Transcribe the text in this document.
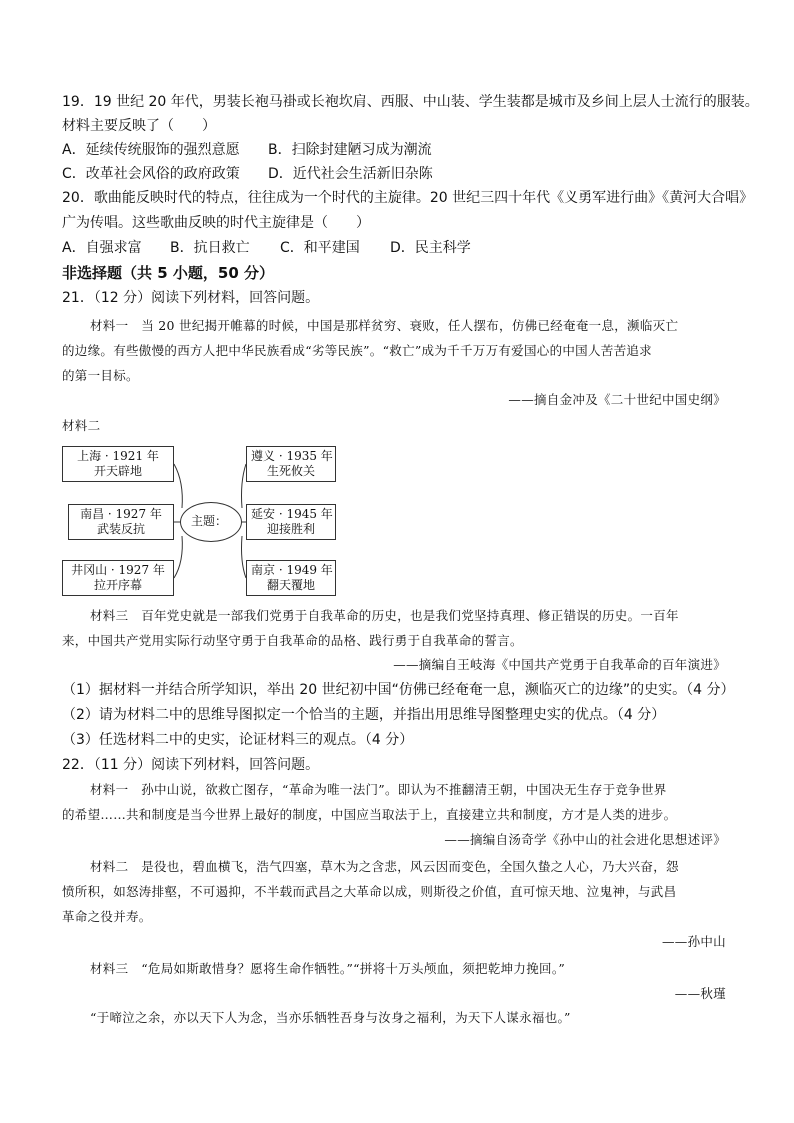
19．19 世纪 20 年代，男装长袍马褂或长袍坎肩、西服、中山装、学生装都是城市及乡间上层人士流行的服装。
材料主要反映了（　　）
A．延续传统服饰的强烈意愿 B．扫除封建陋习成为潮流
C．改革社会风俗的政府政策 D．近代社会生活新旧杂陈
20．歌曲能反映时代的特点，往往成为一个时代的主旋律。20 世纪三四十年代《义勇军进行曲》《黄河大合唱》
广为传唱。这些歌曲反映的时代主旋律是（　　）
A．自强求富 B．抗日救亡 C．和平建国 D．民主科学
非选择题（共 5 小题，50 分）
21．（12 分）阅读下列材料，回答问题。
材料一　当 20 世纪揭开帷幕的时候，中国是那样贫穷、衰败，任人摆布，仿佛已经奄奄一息，濒临灭亡
的边缘。有些傲慢的西方人把中华民族看成“劣等民族”。“救亡”成为千千万万有爱国心的中国人苦苦追求
的第一目标。
——摘自金冲及《二十世纪中国史纲》
材料二
上海 · 1921 年
开天辟地
南昌 · 1927 年
武装反抗
井冈山 · 1927 年
拉开序幕
主题：
遵义 · 1935 年
生死攸关
延安 · 1945 年
迎接胜利
南京 · 1949 年
翻天覆地
材料三　百年党史就是一部我们党勇于自我革命的历史，也是我们党坚持真理、修正错误的历史。一百年
来，中国共产党用实际行动坚守勇于自我革命的品格、践行勇于自我革命的誓言。
——摘编自王岐海《中国共产党勇于自我革命的百年演进》
（1）据材料一并结合所学知识，举出 20 世纪初中国“仿佛已经奄奄一息，濒临灭亡的边缘”的史实。（4 分）
（2）请为材料二中的思维导图拟定一个恰当的主题，并指出用思维导图整理史实的优点。（4 分）
（3）任选材料二中的史实，论证材料三的观点。（4 分）
22．（11 分）阅读下列材料，回答问题。
材料一　孙中山说，欲救亡图存，“革命为唯一法门”。即认为不推翻清王朝，中国决无生存于竞争世界
的希望……共和制度是当今世界上最好的制度，中国应当取法于上，直接建立共和制度，方才是人类的进步。
——摘编自汤奇学《孙中山的社会进化思想述评》
材料二　是役也，碧血横飞，浩气四塞，草木为之含悲，风云因而变色，全国久蛰之人心，乃大兴奋，怨
愤所积，如怒涛排壑，不可遏抑，不半载而武昌之大革命以成，则斯役之价值，直可惊天地、泣鬼神，与武昌
革命之役并寿。
——孙中山
材料三　“危局如斯敢惜身？愿将生命作牺牲。”“拼将十万头颅血，须把乾坤力挽回。”
——秋瑾
“于啼泣之余，亦以天下人为念，当亦乐牺牲吾身与汝身之福利，为天下人谋永福也。”
